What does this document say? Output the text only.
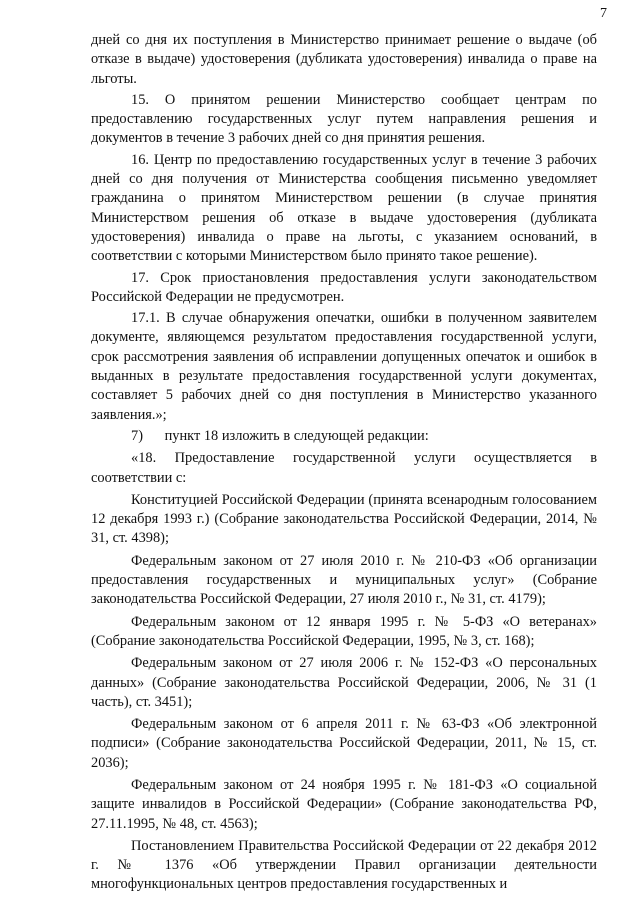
7

дней со дня их поступления в Министерство принимает решение о выдаче (об отказе в выдаче) удостоверения (дубликата удостоверения) инвалида о праве на льготы.

15. О принятом решении Министерство сообщает центрам по предоставлению государственных услуг путем направления решения и документов в течение 3 рабочих дней со дня принятия решения.

16. Центр по предоставлению государственных услуг в течение 3 рабочих дней со дня получения от Министерства сообщения письменно уведомляет гражданина о принятом Министерством решении (в случае принятия Министерством решения об отказе в выдаче удостоверения (дубликата удостоверения) инвалида о праве на льготы, с указанием оснований, в соответствии с которыми Министерством было принято такое решение).

17. Срок приостановления предоставления услуги законодательством Российской Федерации не предусмотрен.

17.1. В случае обнаружения опечатки, ошибки в полученном заявителем документе, являющемся результатом предоставления государственной услуги, срок рассмотрения заявления об исправлении допущенных опечаток и ошибок в выданных в результате предоставления государственной услуги документах, составляет 5 рабочих дней со дня поступления в Министерство указанного заявления.»;

7)      пункт 18 изложить в следующей редакции:

«18. Предоставление государственной услуги осуществляется в соответствии с:

Конституцией Российской Федерации (принята всенародным голосованием 12 декабря 1993 г.) (Собрание законодательства Российской Федерации, 2014, № 31, ст. 4398);

Федеральным законом от 27 июля 2010 г. № 210-ФЗ «Об организации предоставления государственных и муниципальных услуг» (Собрание законодательства Российской Федерации, 27 июля 2010 г., № 31, ст. 4179);

Федеральным законом от 12 января 1995 г. № 5-ФЗ «О ветеранах» (Собрание законодательства Российской Федерации, 1995, № 3, ст. 168);

Федеральным законом от 27 июля 2006 г. № 152-ФЗ «О персональных данных» (Собрание законодательства Российской Федерации, 2006, № 31 (1 часть), ст. 3451);

Федеральным законом от 6 апреля 2011 г. № 63-ФЗ «Об электронной подписи» (Собрание законодательства Российской Федерации, 2011, № 15, ст. 2036);

Федеральным законом от 24 ноября 1995 г. № 181-ФЗ «О социальной защите инвалидов в Российской Федерации» (Собрание законодательства РФ, 27.11.1995, № 48, ст. 4563);

Постановлением Правительства Российской Федерации от 22 декабря 2012 г. № 1376 «Об утверждении Правил организации деятельности многофункциональных центров предоставления государственных и
